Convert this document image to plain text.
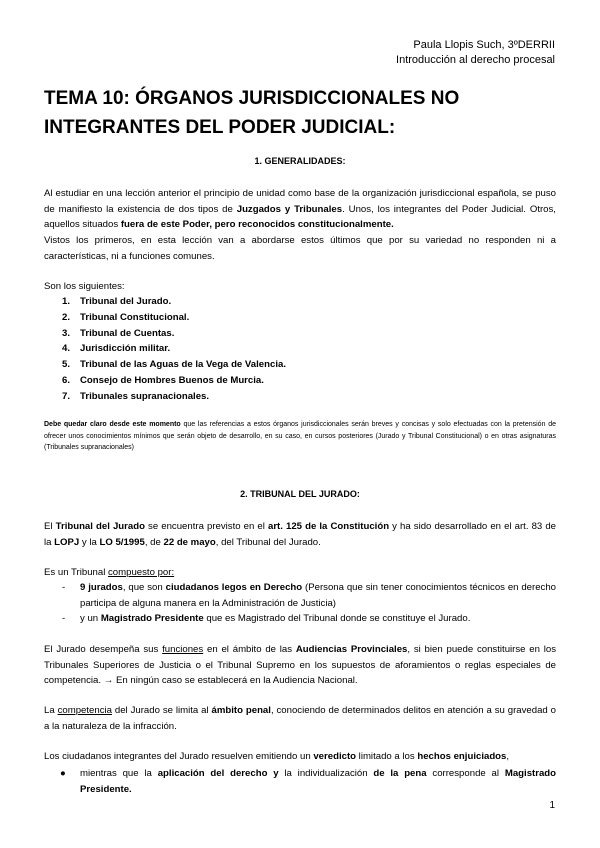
Paula Llopis Such, 3ºDERRII
Introducción al derecho procesal
TEMA 10: ÓRGANOS JURISDICCIONALES NO INTEGRANTES DEL PODER JUDICIAL:
1. GENERALIDADES:
Al estudiar en una lección anterior el principio de unidad como base de la organización jurisdiccional española, se puso de manifiesto la existencia de dos tipos de Juzgados y Tribunales. Unos, los integrantes del Poder Judicial. Otros, aquellos situados fuera de este Poder, pero reconocidos constitucionalmente.
Vistos los primeros, en esta lección van a abordarse estos últimos que por su variedad no responden ni a características, ni a funciones comunes.
Son los siguientes:
1.	Tribunal del Jurado.
2.	Tribunal Constitucional.
3.	Tribunal de Cuentas.
4.	Jurisdicción militar.
5.	Tribunal de las Aguas de la Vega de Valencia.
6.	Consejo de Hombres Buenos de Murcia.
7.	Tribunales supranacionales.
Debe quedar claro desde este momento que las referencias a estos órganos jurisdiccionales serán breves y concisas y solo efectuadas con la pretensión de ofrecer unos conocimientos mínimos que serán objeto de desarrollo, en su caso, en cursos posteriores (Jurado y Tribunal Constitucional) o en otras asignaturas (Tribunales supranacionales)
2. TRIBUNAL DEL JURADO:
El Tribunal del Jurado se encuentra previsto en el art. 125 de la Constitución y ha sido desarrollado en el art. 83 de la LOPJ y la LO 5/1995, de 22 de mayo, del Tribunal del Jurado.
Es un Tribunal compuesto por:
-	9 jurados, que son ciudadanos legos en Derecho (Persona que sin tener conocimientos técnicos en derecho participa de alguna manera en la Administración de Justicia)
-	y un Magistrado Presidente que es Magistrado del Tribunal donde se constituye el Jurado.
El Jurado desempeña sus funciones en el ámbito de las Audiencias Provinciales, si bien puede constituirse en los Tribunales Superiores de Justicia o el Tribunal Supremo en los supuestos de aforamientos o reglas especiales de competencia. → En ningún caso se establecerá en la Audiencia Nacional.
La competencia del Jurado se limita al ámbito penal, conociendo de determinados delitos en atención a su gravedad o a la naturaleza de la infracción.
Los ciudadanos integrantes del Jurado resuelven emitiendo un veredicto limitado a los hechos enjuiciados,
●	mientras que la aplicación del derecho y la individualización de la pena corresponde al Magistrado Presidente.
1
